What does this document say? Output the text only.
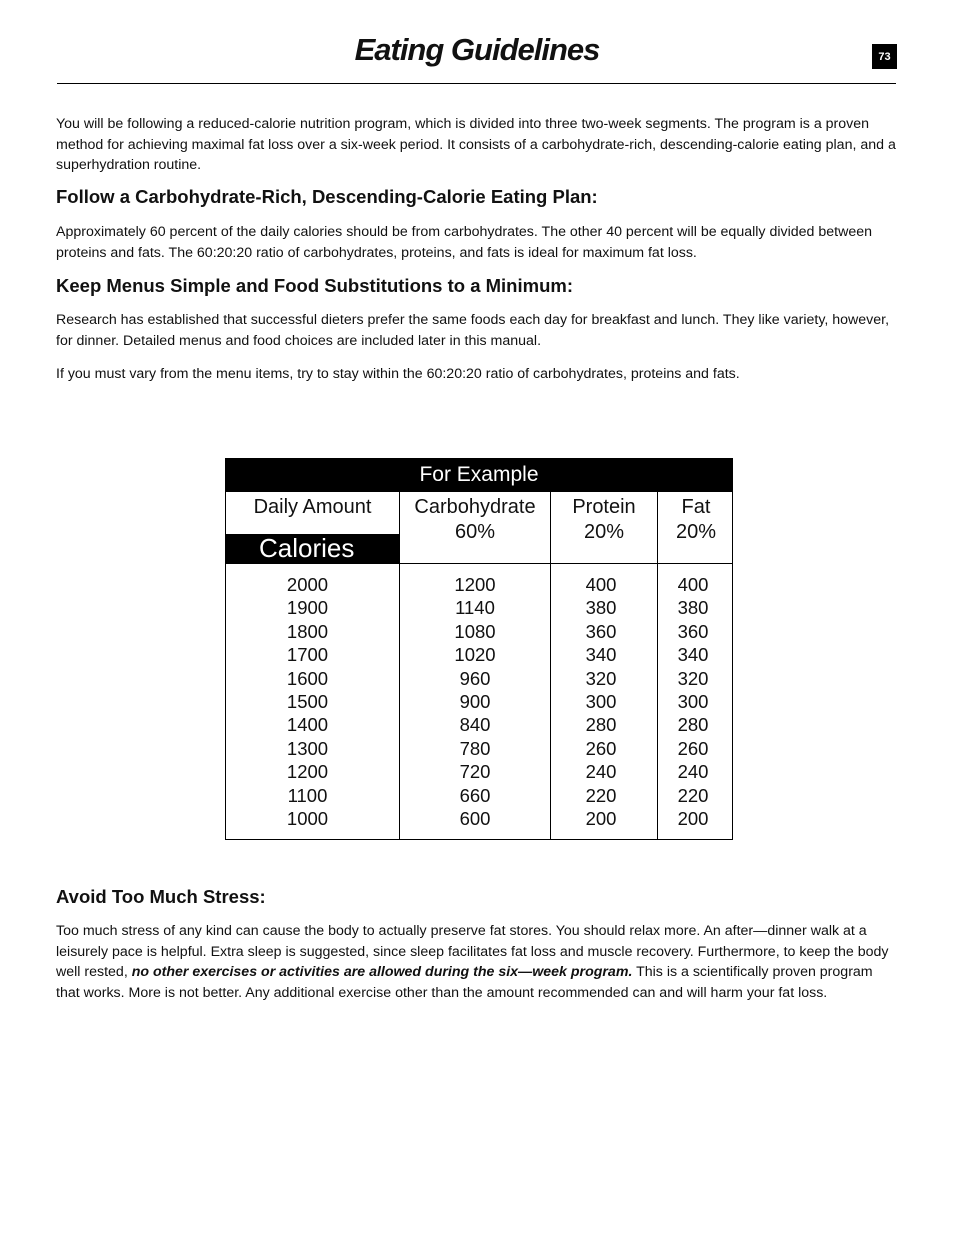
Eating Guidelines	73

You will be following a reduced-calorie nutrition program, which is divided into three two-week segments. The program is a proven method for achieving maximal fat loss over a six-week period. It consists of a carbohydrate-rich, descending-calorie eating plan, and a superhydration routine.

Follow a Carbohydrate-Rich, Descending-Calorie Eating Plan:

Approximately 60 percent of the daily calories should be from carbohydrates. The other 40 percent will be equally divided between proteins and fats. The 60:20:20 ratio of carbohydrates, proteins, and fats is ideal for maximum fat loss.

Keep Menus Simple and Food Substitutions to a Minimum:

Research has established that successful dieters prefer the same foods each day for breakfast and lunch. They like variety, however, for dinner. Detailed menus and food choices are included later in this manual.

If you must vary from the menu items, try to stay within the 60:20:20 ratio of carbohydrates, proteins and fats.

For Example
Daily Amount
Calories
Carbohydrate
60%
Protein
20%
Fat
20%
2000
1900
1800
1700
1600
1500
1400
1300
1200
1100
1000
1200
1140
1080
1020
960
900
840
780
720
660
600
400
380
360
340
320
300
280
260
240
220
200
400
380
360
340
320
300
280
260
240
220
200
Avoid Too Much Stress:

Too much stress of any kind can cause the body to actually preserve fat stores. You should relax more. An after—dinner walk at a leisurely pace is helpful. Extra sleep is suggested, since sleep facilitates fat loss and muscle recovery. Furthermore, to keep the body well rested, no other exercises or activities are allowed during the six—week program. This is a scientifically proven program that works. More is not better. Any additional exercise other than the amount recommended can and will harm your fat loss.
